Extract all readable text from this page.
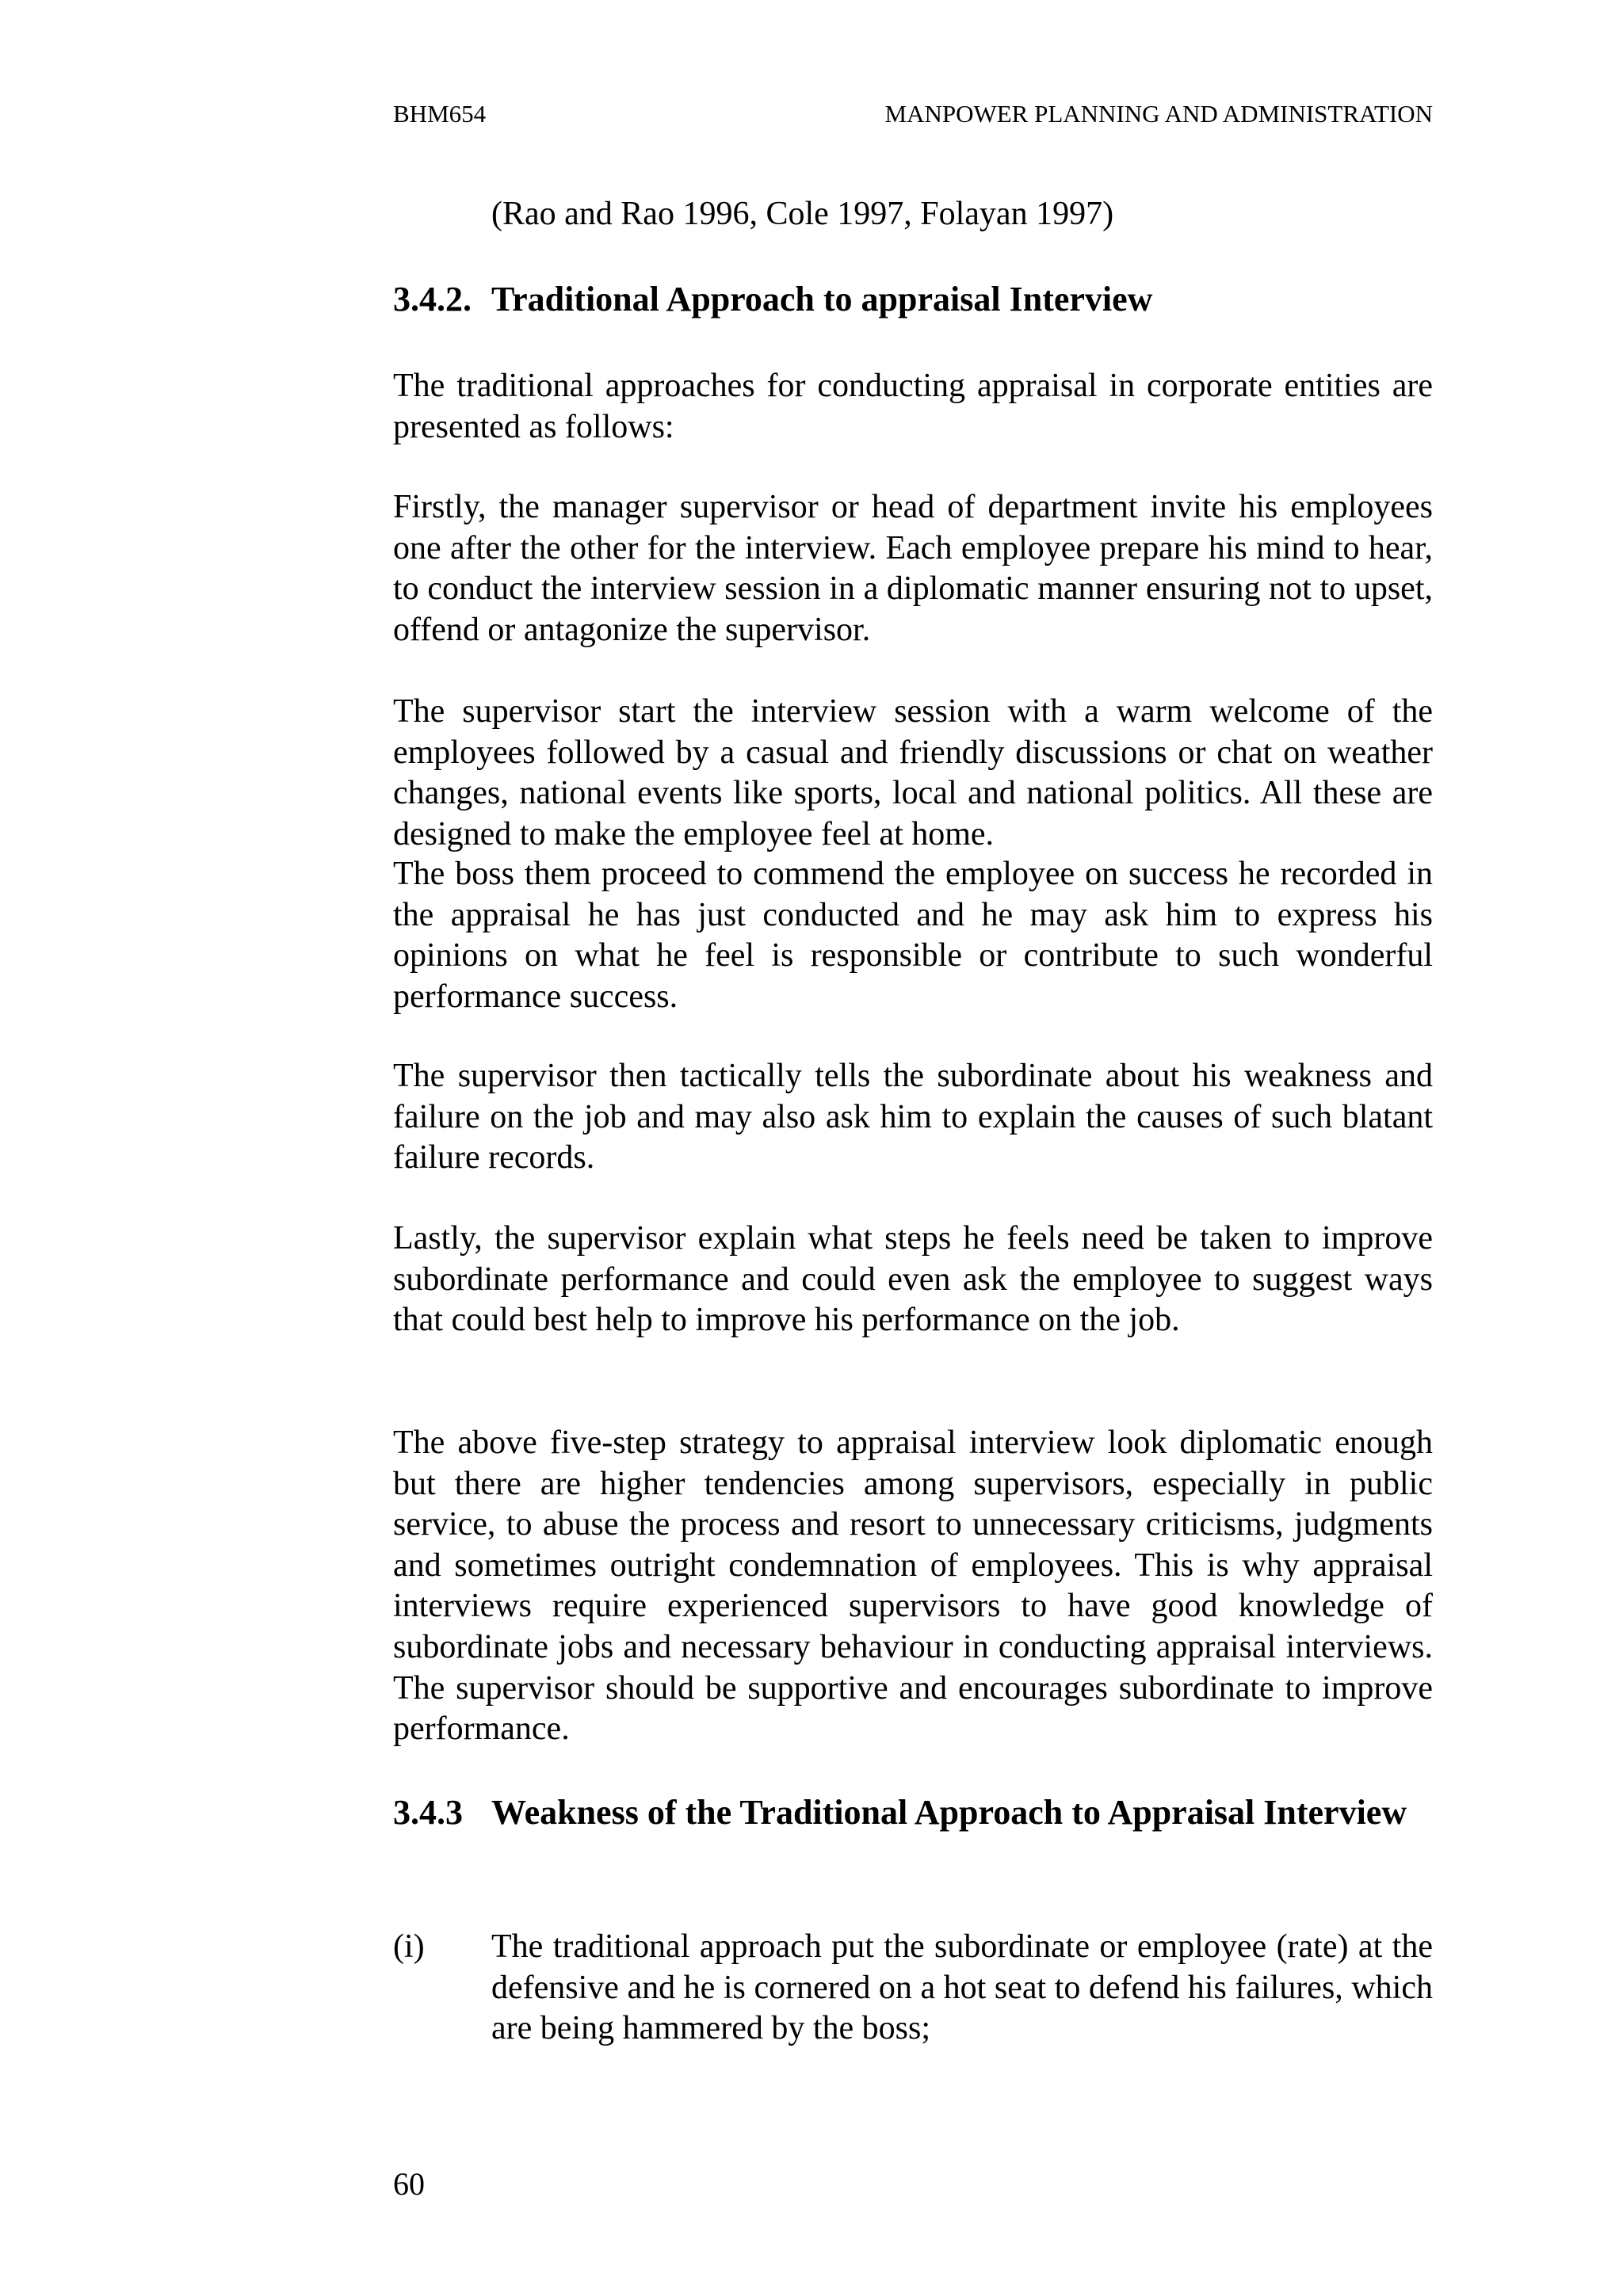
BHM654	MANPOWER PLANNING AND ADMINISTRATION
(Rao and Rao 1996, Cole 1997, Folayan 1997)
3.4.2. Traditional Approach to appraisal Interview

The traditional approaches for conducting appraisal in corporate entities are presented as follows:

Firstly, the manager supervisor or head of department invite his employees one after the other for the interview. Each employee prepare his mind to hear, to conduct the interview session in a diplomatic manner ensuring not to upset, offend or antagonize the supervisor.

The supervisor start the interview session with a warm welcome of the employees followed by a casual and friendly discussions or chat on weather changes, national events like sports, local and national politics. All these are designed to make the employee feel at home.

The boss them proceed to commend the employee on success he recorded in the appraisal he has just conducted and he may ask him to express his opinions on what he feel is responsible or contribute to such wonderful performance success.

The supervisor then tactically tells the subordinate about his weakness and failure on the job and may also ask him to explain the causes of such blatant failure records.

Lastly, the supervisor explain what steps he feels need be taken to improve subordinate performance and could even ask the employee to suggest ways that could best help to improve his performance on the job.

The above five-step strategy to appraisal interview look diplomatic enough but there are higher tendencies among supervisors, especially in public service, to abuse the process and resort to unnecessary criticisms, judgments and sometimes outright condemnation of employees. This is why appraisal interviews require experienced supervisors to have good knowledge of subordinate jobs and necessary behaviour in conducting appraisal interviews. The supervisor should be supportive and encourages subordinate to improve performance.

3.4.3 Weakness of the Traditional Approach to Appraisal Interview
(i) The traditional approach put the subordinate or employee (rate) at the defensive and he is cornered on a hot seat to defend his failures, which are being hammered by the boss;
60
